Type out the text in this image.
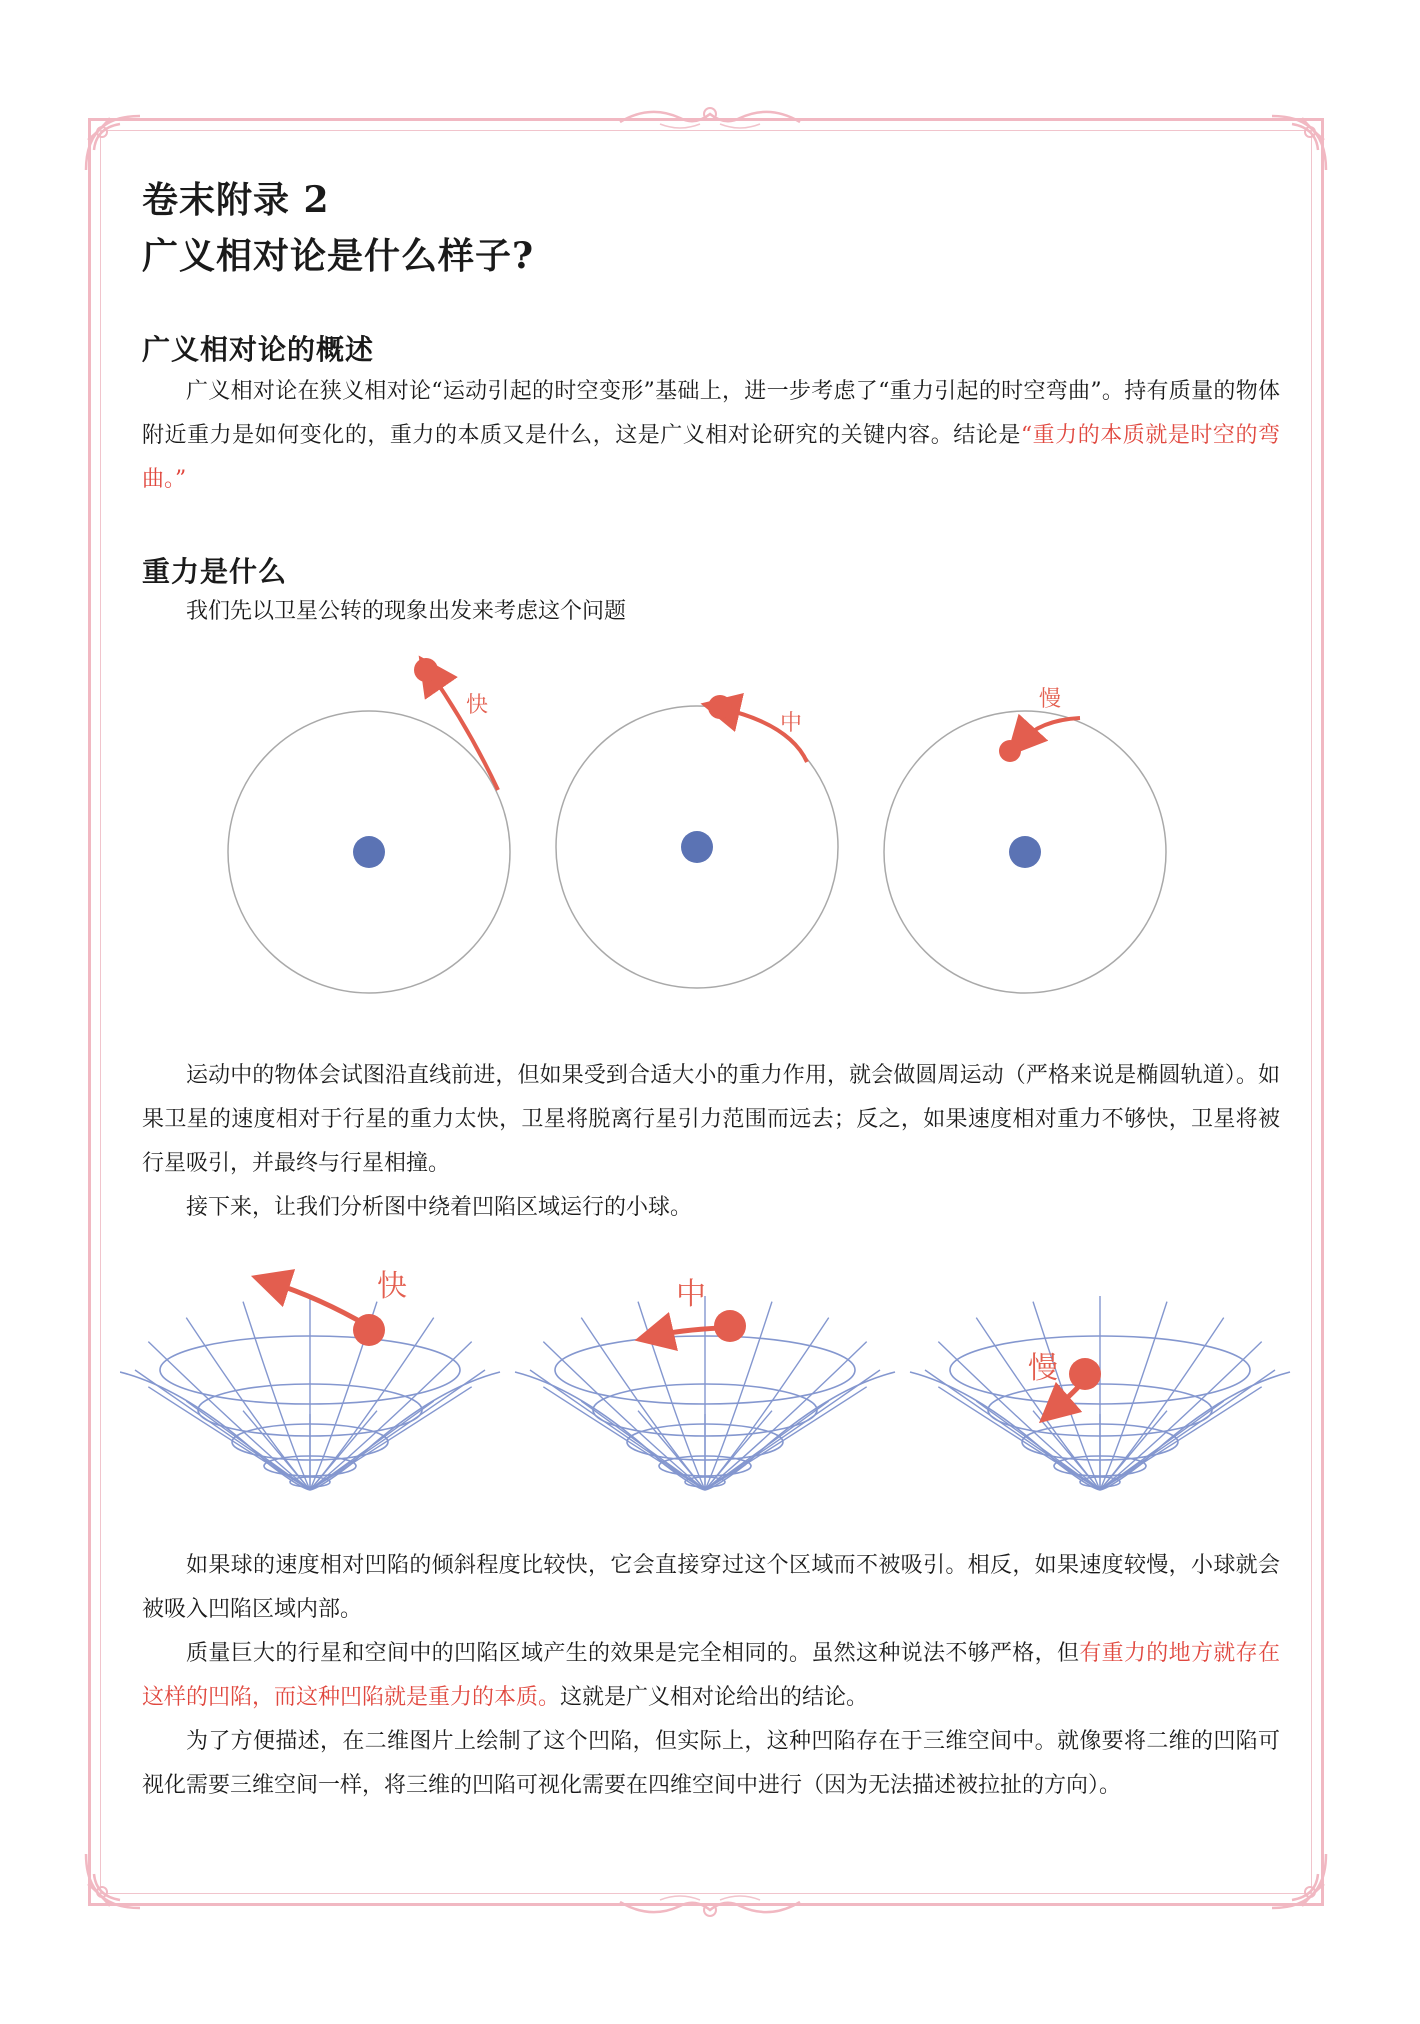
卷末附录 2
广义相对论是什么样子?
广义相对论的概述

广义相对论在狭义相对论“运动引起的时空变形”基础上，进一步考虑了“重力引起的时空弯曲”。持有质量的物体附近重力是如何变化的，重力的本质又是什么，这是广义相对论研究的关键内容。结论是“重力的本质就是时空的弯曲。”

重力是什么

我们先以卫星公转的现象出发来考虑这个问题

快
中
慢

运动中的物体会试图沿直线前进，但如果受到合适大小的重力作用，就会做圆周运动（严格来说是椭圆轨道）。如果卫星的速度相对于行星的重力太快，卫星将脱离行星引力范围而远去；反之，如果速度相对重力不够快，卫星将被行星吸引，并最终与行星相撞。

接下来，让我们分析图中绕着凹陷区域运行的小球。

快	中
慢

如果球的速度相对凹陷的倾斜程度比较快，它会直接穿过这个区域而不被吸引。相反，如果速度较慢，小球就会被吸入凹陷区域内部。

质量巨大的行星和空间中的凹陷区域产生的效果是完全相同的。虽然这种说法不够严格，但有重力的地方就存在这样的凹陷，而这种凹陷就是重力的本质。这就是广义相对论给出的结论。

为了方便描述，在二维图片上绘制了这个凹陷，但实际上，这种凹陷存在于三维空间中。就像要将二维的凹陷可视化需要三维空间一样，将三维的凹陷可视化需要在四维空间中进行（因为无法描述被拉扯的方向）。
